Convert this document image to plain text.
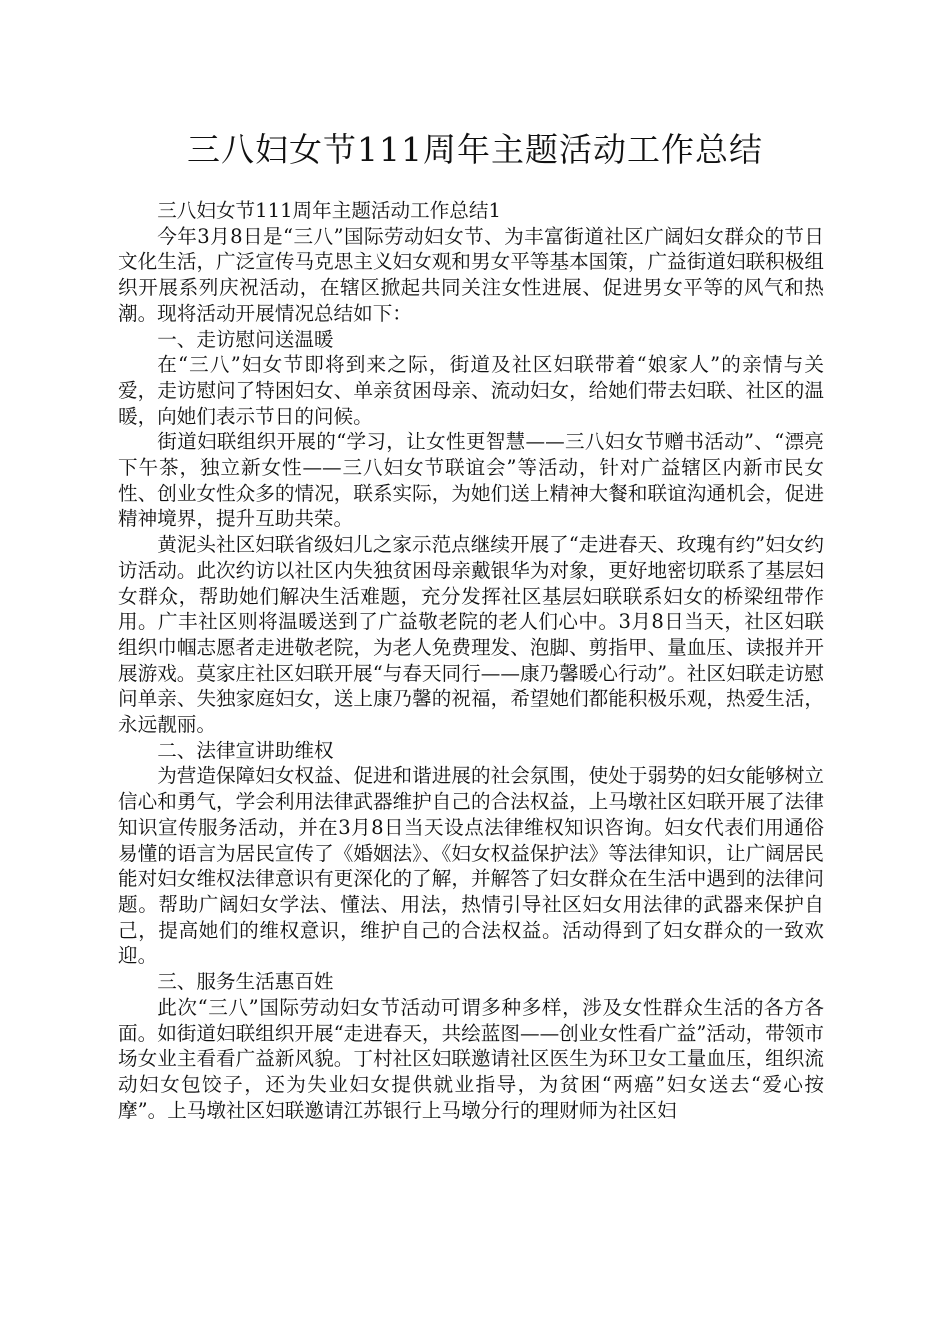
三八妇女节111周年主题活动工作总结

三八妇女节111周年主题活动工作总结1

今年3月8日是“三八”国际劳动妇女节、为丰富街道社区广阔妇女群众的节日文化生活，广泛宣传马克思主义妇女观和男女平等基本国策，广益街道妇联积极组织开展系列庆祝活动，在辖区掀起共同关注女性进展、促进男女平等的风气和热潮。现将活动开展情况总结如下：

一、走访慰问送温暖

在“三八”妇女节即将到来之际，街道及社区妇联带着“娘家人”的亲情与关爱，走访慰问了特困妇女、单亲贫困母亲、流动妇女，给她们带去妇联、社区的温暖，向她们表示节日的问候。

街道妇联组织开展的“学习，让女性更智慧——三八妇女节赠书活动”、“漂亮下午茶，独立新女性——三八妇女节联谊会”等活动，针对广益辖区内新市民女性、创业女性众多的情况，联系实际，为她们送上精神大餐和联谊沟通机会，促进精神境界，提升互助共荣。

黄泥头社区妇联省级妇儿之家示范点继续开展了“走进春天、玫瑰有约”妇女约访活动。此次约访以社区内失独贫困母亲戴银华为对象，更好地密切联系了基层妇女群众，帮助她们解决生活难题，充分发挥社区基层妇联联系妇女的桥梁纽带作用。广丰社区则将温暖送到了广益敬老院的老人们心中。3月8日当天，社区妇联组织巾帼志愿者走进敬老院，为老人免费理发、泡脚、剪指甲、量血压、读报并开展游戏。莫家庄社区妇联开展“与春天同行——康乃馨暖心行动”。社区妇联走访慰问单亲、失独家庭妇女，送上康乃馨的祝福，希望她们都能积极乐观，热爱生活，永远靓丽。

二、法律宣讲助维权

为营造保障妇女权益、促进和谐进展的社会氛围，使处于弱势的妇女能够树立信心和勇气，学会利用法律武器维护自己的合法权益，上马墩社区妇联开展了法律知识宣传服务活动，并在3月8日当天设点法律维权知识咨询。妇女代表们用通俗易懂的语言为居民宣传了《婚姻法》、《妇女权益保护法》等法律知识，让广阔居民能对妇女维权法律意识有更深化的了解，并解答了妇女群众在生活中遇到的法律问题。帮助广阔妇女学法、懂法、用法，热情引导社区妇女用法律的武器来保护自己，提高她们的维权意识，维护自己的合法权益。活动得到了妇女群众的一致欢迎。

三、服务生活惠百姓

此次“三八”国际劳动妇女节活动可谓多种多样，涉及女性群众生活的各方各面。如街道妇联组织开展“走进春天，共绘蓝图——创业女性看广益”活动，带领市场女业主看看广益新风貌。丁村社区妇联邀请社区医生为环卫女工量血压，组织流动妇女包饺子，还为失业妇女提供就业指导，为贫困“两癌”妇女送去“爱心按摩”。上马墩社区妇联邀请江苏银行上马墩分行的理财师为社区妇
